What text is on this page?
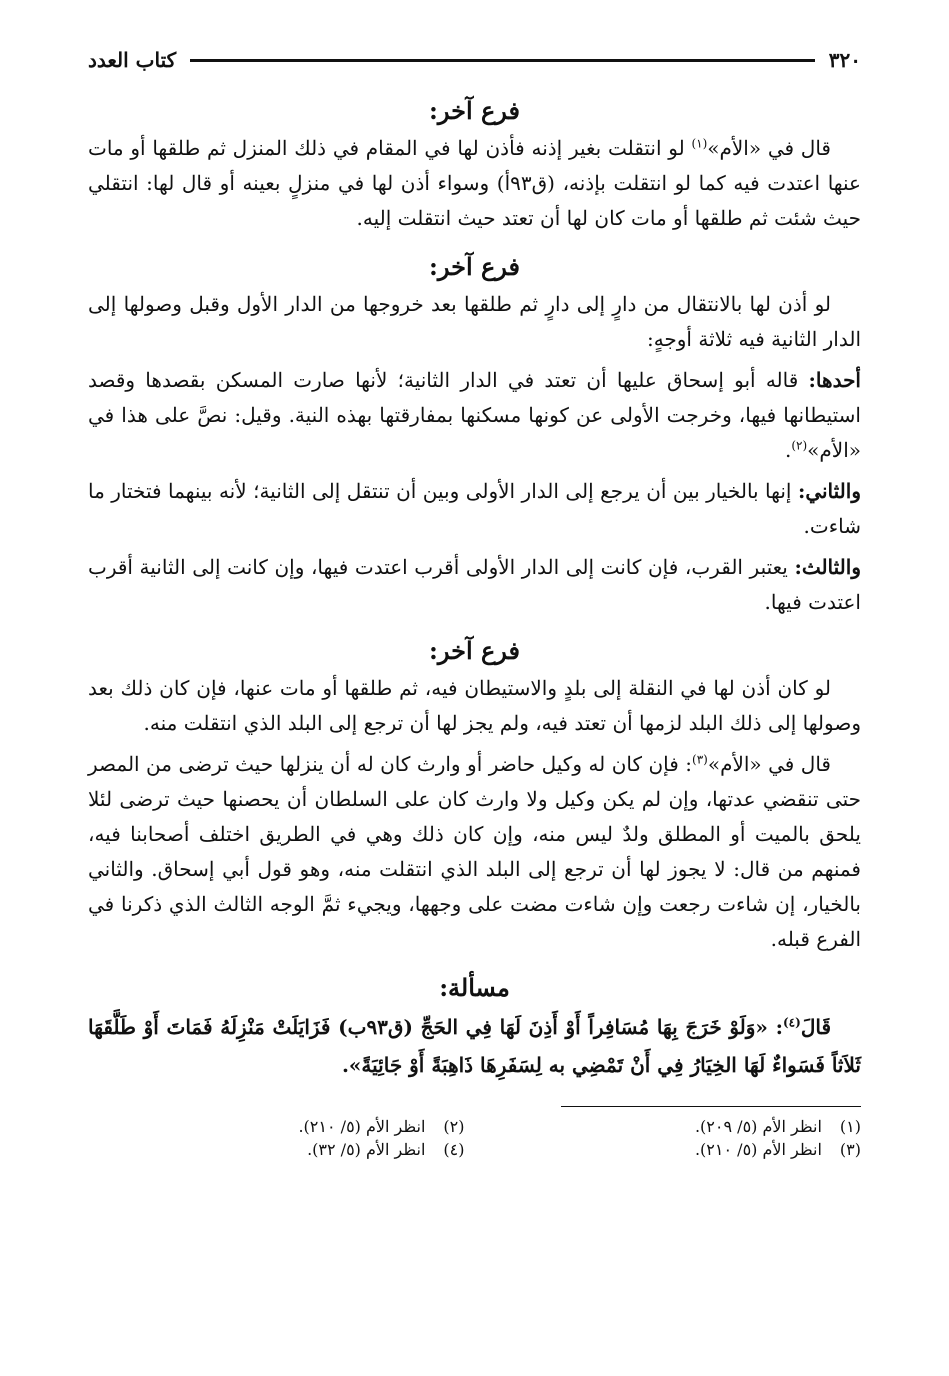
٣٢٠
كتاب العدد
فرع آخر:

قال في «الأم»$^{(١)}$ لو انتقلت بغير إذنه فأذن لها في المقام في ذلك المنزل ثم طلقها أو مات عنها اعتدت فيه كما لو انتقلت بإذنه، (ق٩٣أ) وسواء أذن لها في منزلٍ بعينه أو قال لها: انتقلي حيث شئت ثم طلقها أو مات كان لها أن تعتد حيث انتقلت إليه.

فرع آخر:

لو أذن لها بالانتقال من دارٍ إلى دارٍ ثم طلقها بعد خروجها من الدار الأول وقبل وصولها إلى الدار الثانية فيه ثلاثة أوجهٍ:

أحدها: قاله أبو إسحاق عليها أن تعتد في الدار الثانية؛ لأنها صارت المسكن بقصدها وقصد استيطانها فيها، وخرجت الأولى عن كونها مسكنها بمفارقتها بهذه النية. وقيل: نصَّ على هذا في «الأم»$^{(٢)}$.

والثاني: إنها بالخيار بين أن يرجع إلى الدار الأولى وبين أن تنتقل إلى الثانية؛ لأنه بينهما فتختار ما شاءت.

والثالث: يعتبر القرب، فإن كانت إلى الدار الأولى أقرب اعتدت فيها، وإن كانت إلى الثانية أقرب اعتدت فيها.

فرع آخر:

لو كان أذن لها في النقلة إلى بلدٍ والاستيطان فيه، ثم طلقها أو مات عنها، فإن كان ذلك بعد وصولها إلى ذلك البلد لزمها أن تعتد فيه، ولم يجز لها أن ترجع إلى البلد الذي انتقلت منه.

قال في «الأم»$^{(٣)}$: فإن كان له وكيل حاضر أو وارث كان له أن ينزلها حيث ترضى من المصر حتى تنقضي عدتها، وإن لم يكن وكيل ولا وارث كان على السلطان أن يحصنها حيث ترضى لئلا يلحق بالميت أو المطلق ولدٌ ليس منه، وإن كان ذلك وهي في الطريق اختلف أصحابنا فيه، فمنهم من قال: لا يجوز لها أن ترجع إلى البلد الذي انتقلت منه، وهو قول أبي إسحاق. والثاني بالخيار، إن شاءت رجعت وإن شاءت مضت على وجهها، ويجيء ثمَّ الوجه الثالث الذي ذكرنا في الفرع قبله.

مسألة:

قَالَ$^{(٤)}$: «وَلَوْ خَرَجَ بِهَا مُسَافِراً أَوْ أَذِنَ لَهَا فِي الحَجِّ (ق٩٣ب) فَزَايَلَتْ مَنْزِلَهُ فَمَاتَ أَوْ طَلَّقَهَا ثَلاَثاً فَسَواءٌ لَهَا الخِيَارُ فِي أَنْ تَمْضِي به لِسَفَرِهَا ذَاهِبَةً أَوْ جَائِيَةً».

(١)
انظر الأم (٥/ ٢٠٩).
(٢)
انظر الأم (٥/ ٢١٠).
(٣)
انظر الأم (٥/ ٢١٠).
(٤)
انظر الأم (٥/ ٣٢).
